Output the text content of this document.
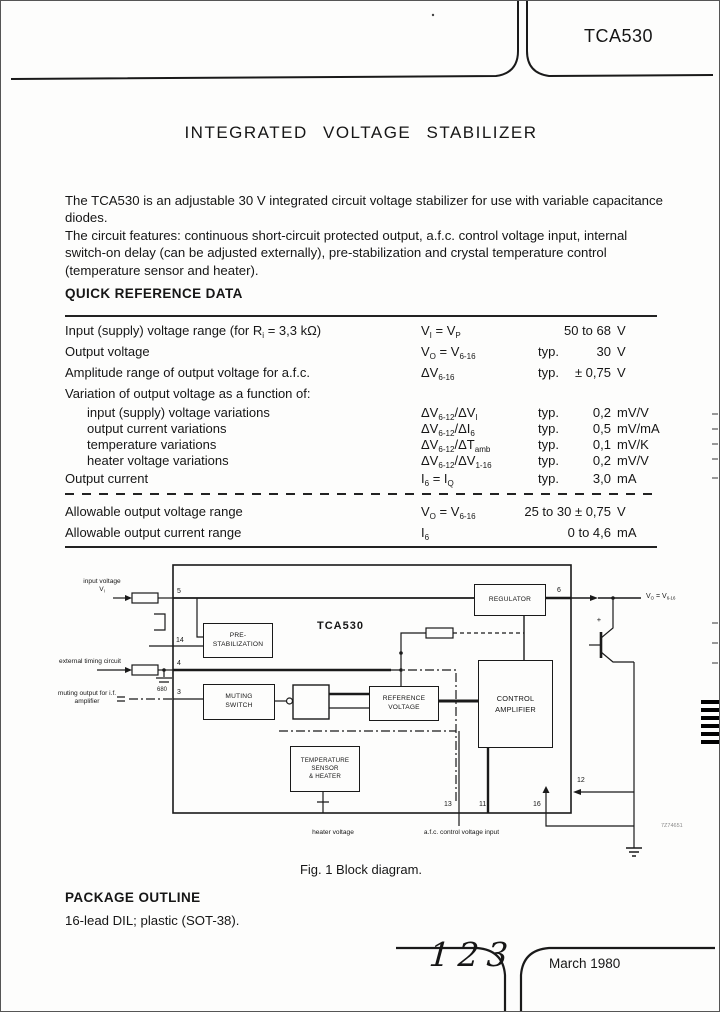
TCA530
INTEGRATED VOLTAGE STABILIZER
The TCA530 is an adjustable 30 V integrated circuit voltage stabilizer for use with variable capacitance diodes.
The circuit features: continuous short-circuit protected output, a.f.c. control voltage input, internal switch-on delay (can be adjusted externally), pre-stabilization and crystal temperature control (temperature sensor and heater).
QUICK REFERENCE DATA
Input (supply) voltage range (for $R_i = 3,3$ kΩ)	$V_I = V_P$	50 to 68 V
Output voltage	$V_O = V_{6-16}$	typ.	30 V
Amplitude range of output voltage for a.f.c.	$\Delta V_{6-16}$	typ.	± 0,75 V
Variation of output voltage as a function of:
input (supply) voltage variations	$\Delta V_{6-12}/\Delta V_I$	typ.	0,2 mV/V
output current variations	$\Delta V_{6-12}/\Delta I_6$	typ.	0,5 mV/mA
temperature variations	$\Delta V_{6-12}/\Delta T_{amb}$	typ.	0,1 mV/K
heater voltage variations	$\Delta V_{6-12}/\Delta V_{1-16}$	typ.	0,2 mV/V
Output current	$I_6 = I_Q$	typ.	3,0 mA
Allowable output voltage range	$V_O = V_{6-16}$	25 to 30 ± 0,75 V
Allowable output current range	$I_6$	0 to 4,6 mA
PRE-
STABILIZATION
MUTING
SWITCH
REFERENCE
VOLTAGE
CONTROL
AMPLIFIER
REGULATOR
TEMPERATURE
SENSOR
& HEATER
TCA530
5
14
4
3
6
13	11	16
12
input voltage $V_I$
external timing circuit
680
muting output for i.f. amplifier
$V_O = V_{6-16}$
+
heater voltage	a.f.c. control voltage input
7Z74651
Fig. 1 Block diagram.
PACKAGE OUTLINE
16-lead DIL; plastic (SOT-38).
123 March 1980
